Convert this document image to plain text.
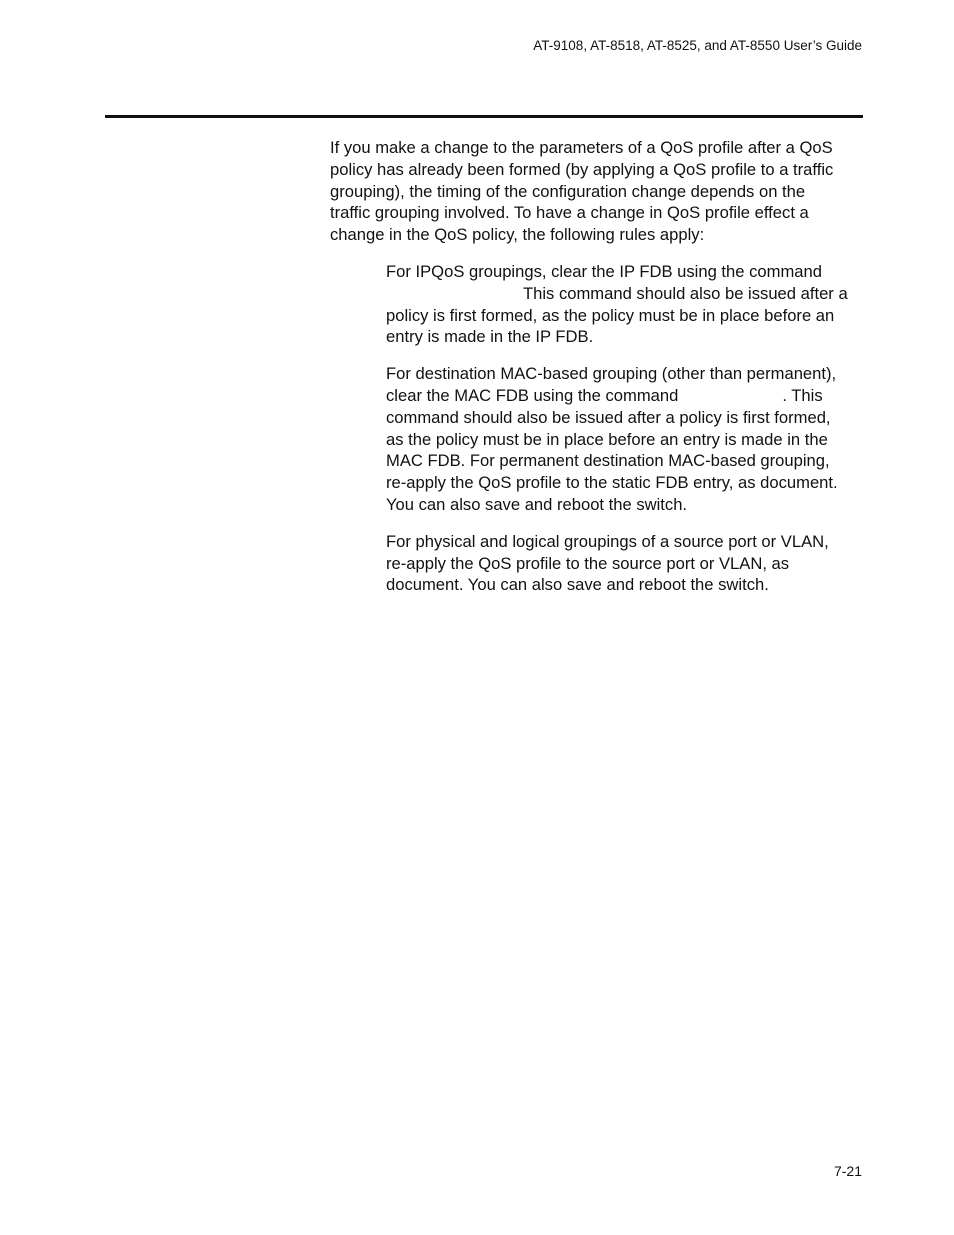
AT-9108, AT-8518, AT-8525, and AT-8550 User’s Guide

If you make a change to the parameters of a QoS profile after a QoS
policy has already been formed (by applying a QoS profile to a traffic
grouping), the timing of the configuration change depends on the
traffic grouping involved. To have a change in QoS profile effect a
change in the QoS policy, the following rules apply:

For IPQoS groupings, clear the IP FDB using the command
This command should also be issued after a
policy is first formed, as the policy must be in place before an
entry is made in the IP FDB.
For destination MAC-based grouping (other than permanent),
clear the MAC FDB using the command	. This
command should also be issued after a policy is first formed,
as the policy must be in place before an entry is made in the
MAC FDB. For permanent destination MAC-based grouping,
re-apply the QoS profile to the static FDB entry, as document.
You can also save and reboot the switch.
For physical and logical groupings of a source port or VLAN,
re-apply the QoS profile to the source port or VLAN, as
document. You can also save and reboot the switch.
7-21
